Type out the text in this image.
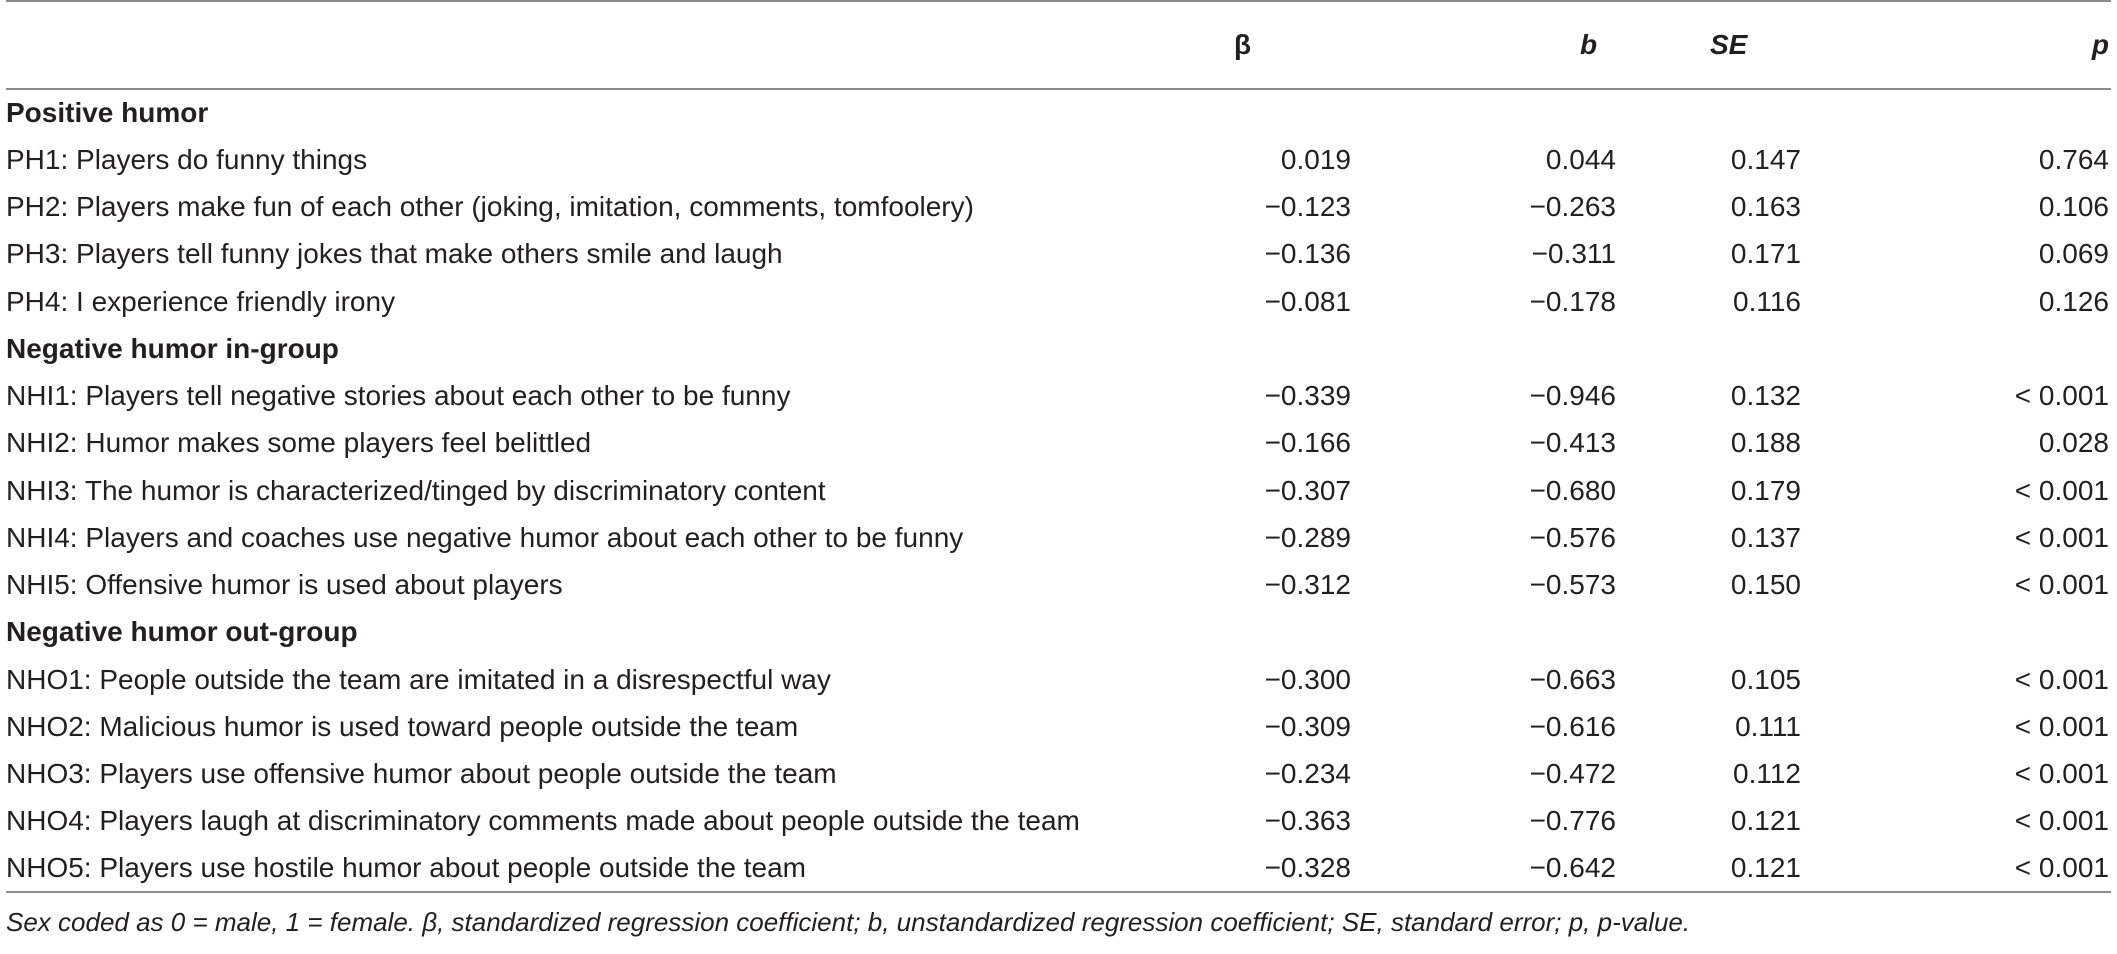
	β	b	SE	p
Positive humor				
PH1: Players do funny things	0.019	0.044	0.147	0.764
PH2: Players make fun of each other (joking, imitation, comments, tomfoolery)	−0.123	−0.263	0.163	0.106
PH3: Players tell funny jokes that make others smile and laugh	−0.136	−0.311	0.171	0.069
PH4: I experience friendly irony	−0.081	−0.178	0.116	0.126
Negative humor in-group				
NHI1: Players tell negative stories about each other to be funny	−0.339	−0.946	0.132	< 0.001
NHI2: Humor makes some players feel belittled	−0.166	−0.413	0.188	0.028
NHI3: The humor is characterized/tinged by discriminatory content	−0.307	−0.680	0.179	< 0.001
NHI4: Players and coaches use negative humor about each other to be funny	−0.289	−0.576	0.137	< 0.001
NHI5: Offensive humor is used about players	−0.312	−0.573	0.150	< 0.001
Negative humor out-group				
NHO1: People outside the team are imitated in a disrespectful way	−0.300	−0.663	0.105	< 0.001
NHO2: Malicious humor is used toward people outside the team	−0.309	−0.616	0.111	< 0.001
NHO3: Players use offensive humor about people outside the team	−0.234	−0.472	0.112	< 0.001
NHO4: Players laugh at discriminatory comments made about people outside the team	−0.363	−0.776	0.121	< 0.001
NHO5: Players use hostile humor about people outside the team	−0.328	−0.642	0.121	< 0.001
Sex coded as 0 = male, 1 = female. β, standardized regression coefficient; b, unstandardized regression coefficient; SE, standard error; p, p-value.
